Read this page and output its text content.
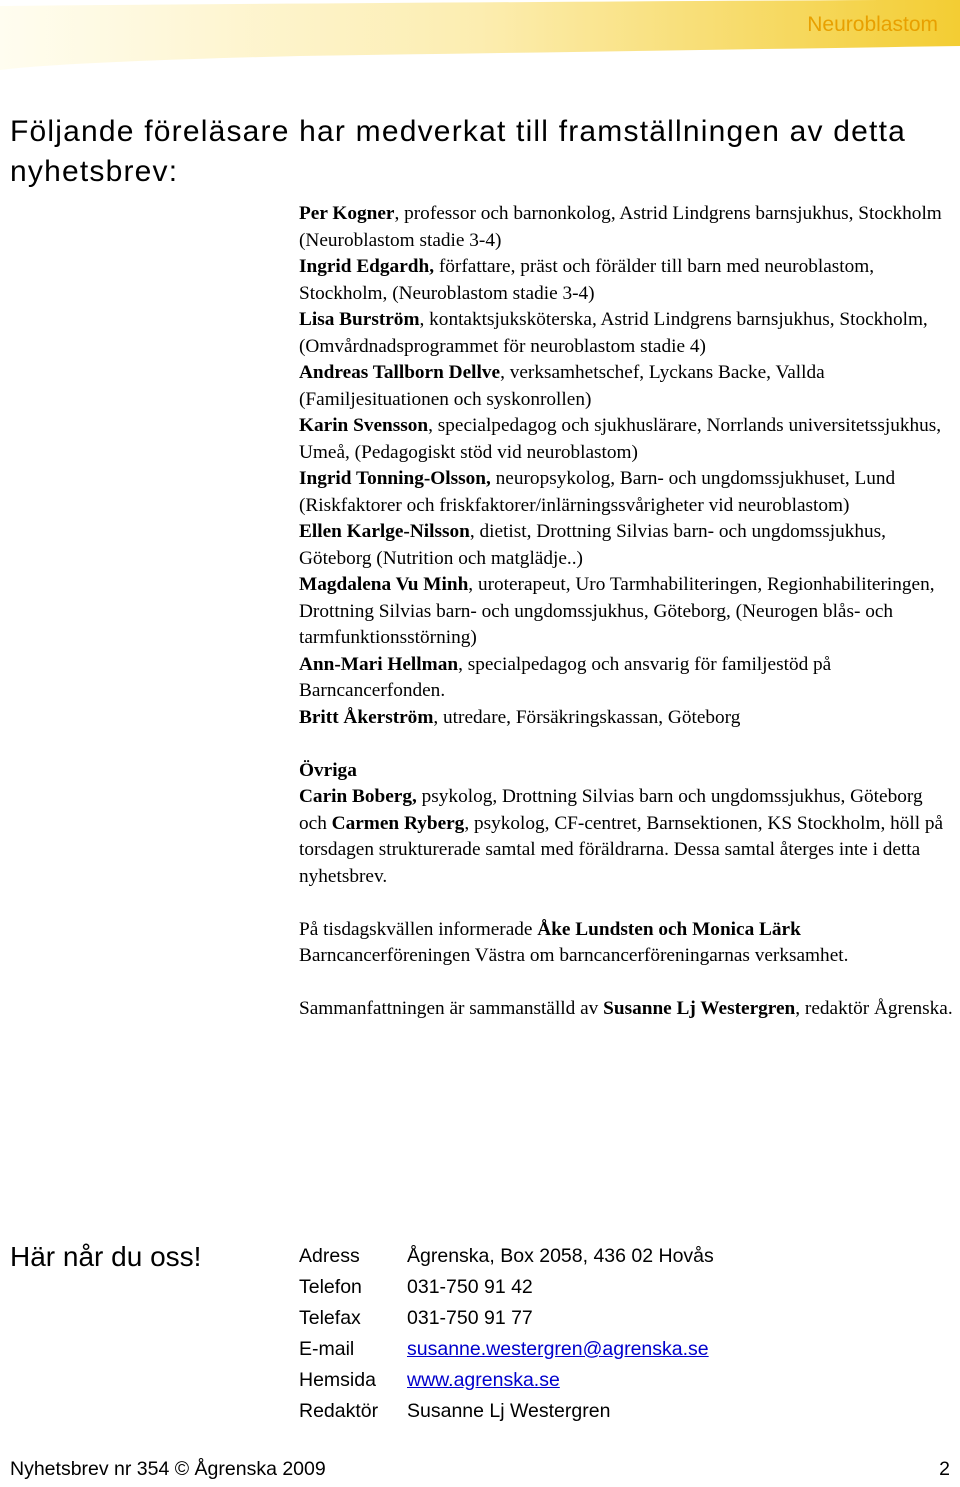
Neuroblastom
Följande föreläsare har medverkat till framställningen av detta nyhetsbrev:

Per Kogner, professor och barnonkolog, Astrid Lindgrens barnsjukhus, Stockholm (Neuroblastom stadie 3-4)

Ingrid Edgardh, författare, präst och förälder till barn med neuroblastom, Stockholm, (Neuroblastom stadie 3-4)

Lisa Burström, kontaktsjuksköterska, Astrid Lindgrens barnsjukhus, Stockholm, (Omvårdnadsprogrammet för neuroblastom stadie 4)

Andreas Tallborn Dellve, verksamhetschef, Lyckans Backe, Vallda (Familjesituationen och syskonrollen)

Karin Svensson, specialpedagog och sjukhuslärare, Norrlands universitetssjukhus, Umeå, (Pedagogiskt stöd vid neuroblastom)

Ingrid Tonning-Olsson, neuropsykolog, Barn- och ungdomssjukhuset, Lund (Riskfaktorer och friskfaktorer/inlärningssvårigheter vid neuroblastom)

Ellen Karlge-Nilsson, dietist, Drottning Silvias barn- och ungdomssjukhus, Göteborg (Nutrition och matglädje..)

Magdalena Vu Minh, uroterapeut, Uro Tarmhabiliteringen, Regionhabiliteringen, Drottning Silvias barn- och ungdomssjukhus, Göteborg, (Neurogen blås- och tarmfunktionsstörning)

Ann-Mari Hellman, specialpedagog och ansvarig för familjestöd på Barncancerfonden.

Britt Åkerström, utredare, Försäkringskassan, Göteborg

Övriga

Carin Boberg, psykolog, Drottning Silvias barn och ungdomssjukhus, Göteborg och Carmen Ryberg, psykolog, CF-centret, Barnsektionen, KS Stockholm, höll på torsdagen strukturerade samtal med föräldrarna. Dessa samtal återges inte i detta nyhetsbrev.

På tisdagskvällen informerade Åke Lundsten och Monica Lärk Barncancerföreningen Västra om barncancerföreningarnas verksamhet.

Sammanfattningen är sammanställd av Susanne Lj Westergren, redaktör Ågrenska.

Här når du oss!	Adress	Ågrenska, Box 2058, 436 02 Hovås
Telefon	031-750 91 42
Telefax	031-750 91 77
E-mail	susanne.westergren@agrenska.se
Hemsida	www.agrenska.se
Redaktör	Susanne Lj Westergren
Nyhetsbrev nr 354 © Ågrenska 2009	2
